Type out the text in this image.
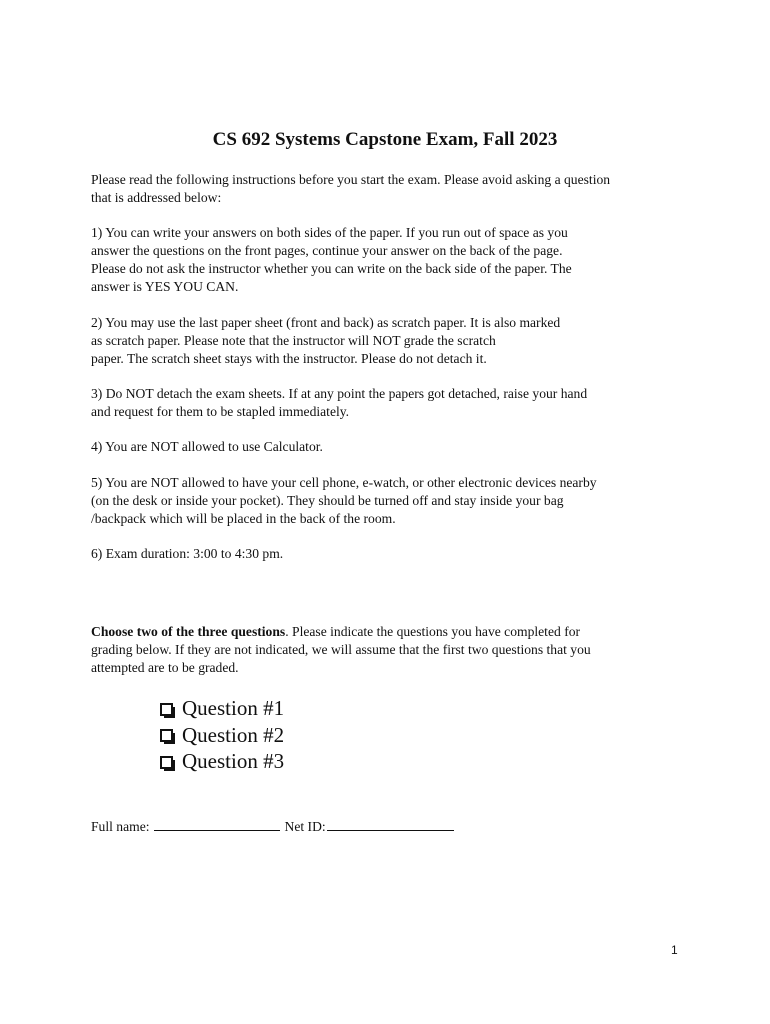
CS 692 Systems Capstone Exam, Fall 2023
Please read the following instructions before you start the exam. Please avoid asking a question
that is addressed below:
1) You can write your answers on both sides of the paper. If you run out of space as you
answer the questions on the front pages, continue your answer on the back of the page.
Please do not ask the instructor whether you can write on the back side of the paper. The
answer is YES YOU CAN.
2) You may use the last paper sheet (front and back) as scratch paper. It is also marked
as scratch paper. Please note that the instructor will NOT grade the scratch
paper. The scratch sheet stays with the instructor. Please do not detach it.
3) Do NOT detach the exam sheets. If at any point the papers got detached, raise your hand
and request for them to be stapled immediately.
4) You are NOT allowed to use Calculator.
5) You are NOT allowed to have your cell phone, e-watch, or other electronic devices nearby
(on the desk or inside your pocket). They should be turned off and stay inside your bag
/backpack which will be placed in the back of the room.
6) Exam duration: 3:00 to 4:30 pm.
Choose two of the three questions. Please indicate the questions you have completed for
grading below. If they are not indicated, we will assume that the first two questions that you
attempted are to be graded.
Question #1
Question #2
Question #3
Full name:	Net ID:
1
